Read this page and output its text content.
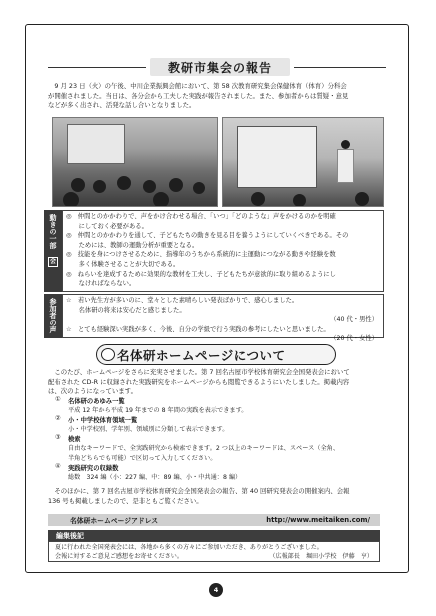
教研市集会の報告
　9 月 23 日（火）の午後、中川企業振興会館において、第 58 次教育研究集会保健体育（体育）分科会
が開催されました。当日は、各分会から工夫した実践が報告されました。また、参加者からは質疑・意見
などが多く出され、活発な話し合いとなりました。
動きの一部
会
◎　仲間とのかかわりで、声をかけ合わせる場合、「いつ」「どのような」声をかけるのかを明確
　　にしておく必要がある。
◎　仲間とのかかわりを通して、子どもたちの動きを見る目を養うようにしていくべきである。その
　　ためには、教師の運動分析が重要となる。
◎　技能を身につけさせるために、指導年のうちから系統的に主運動につながる動きや経験を数
　　多く体験させることが大切である。
◎　ねらいを達成するために効果的な教材を工夫し、子どもたちが意欲的に取り組めるようにし
　　なければならない。
参加者の声	☆　若い先生方が多いのに、堂々とした素晴らしい発表ばかりで、感心しました。
　　名体研の将来は安心だと感じました。
（40 代・男性）
☆　とても経験深い実践が多く、今後、自分の学級で行う実践の参考にしたいと思いました。
（20 代・女性）
名体研ホームページについて
　このたび、ホームページをさらに充実させました。第 7 回名古屋市学校体育研究会全国発表会において
配布された CD-R に収録された実践研究をホームページからも閲覧できるようにいたしました。掲載内容
は、次のようになっています。
① 名体研のあゆみ一覧
平成 12 年から平成 19 年までの 8 年間の実践を表示できます。
② 小・中学校体育領域一覧
小・中学校別、学年別、領域別に分類して表示できます。
③ 検索
自由なキーワードで、全実践研究から検索できます。2 つ以上のキーワードは、スペース（全角、
半角どちらでも可能）で区切って入力してください。
④ 実践研究の収録数
総数　324 編（小：227 編、中：89 編、小・中共通：8 編）
　そのほかに、第 7 回名古屋市学校体育研究会全国発表会の報告、第 40 回研究発表会の開催案内、会報
136 号も掲載しましたので、是非ともご覧ください。
名体研ホームページアドレス	http://www.meitaiken.com/
編集後記
夏に行われた全国発表会には、各地から多くの方々にご参加いただき、ありがとうございました。
会報に対するご意見ご感想をお寄せください。	（広報部長　堀田小学校　伊藤　亨）
4
